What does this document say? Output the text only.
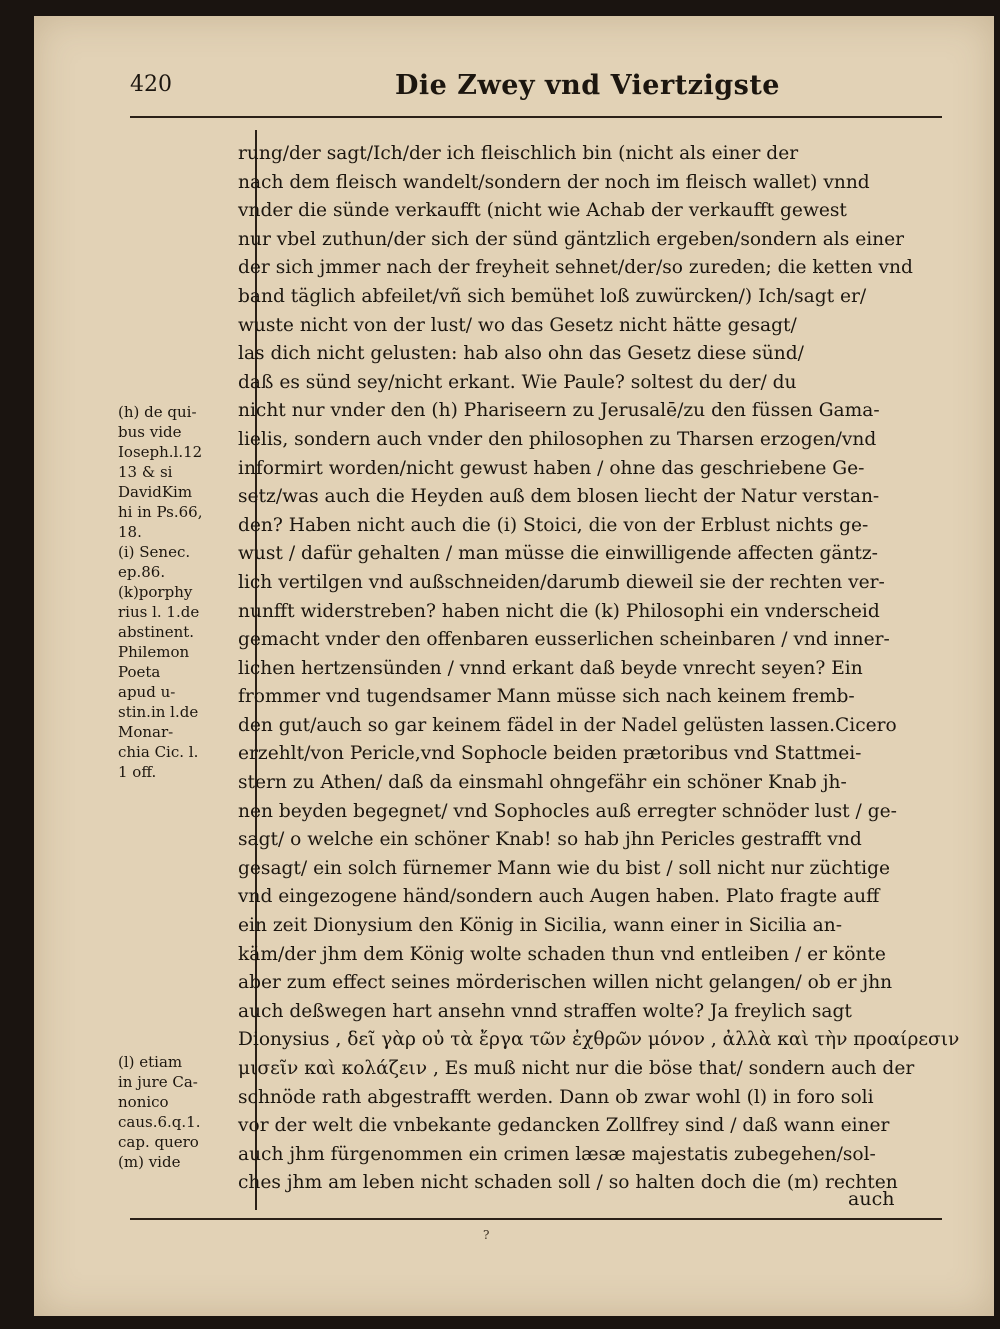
420	Die Zwey vnd Viertzigste
(h) de qui-
bus vide
Ioseph.l.12
13 & si
DavidKim
hi in Ps.66,
18.
(i) Senec.
ep.86.
(k)porphy
rius l. 1.de
abstinent.
Philemon
Poeta
apud u-
stin.in l.de
Monar-
chia Cic. l.
1 off.
(l) etiam
in jure Ca-
nonico
caus.6.q.1.
cap. quero
(m) vide
rung/der sagt/Ich/der ich fleischlich bin (nicht als einer der
nach dem fleisch wandelt/sondern der noch im fleisch wallet) vnnd
vnder die sünde verkaufft (nicht wie Achab der verkaufft gewest
nur vbel zuthun/der sich der sünd gäntzlich ergeben/sondern als einer
der sich jmmer nach der freyheit sehnet/der/so zureden; die ketten vnd
band täglich abfeilet/vñ sich bemühet loß zuwürcken/) Ich/sagt er/
wuste nicht von der lust/ wo das Gesetz nicht hätte gesagt/
las dich nicht gelusten: hab also ohn das Gesetz diese sünd/
daß es sünd sey/nicht erkant. Wie Paule? soltest du der/ du
nicht nur vnder den (h) Phariseern zu Jerusalē/zu den füssen Gama-
lielis, sondern auch vnder den philosophen zu Tharsen erzogen/vnd
informirt worden/nicht gewust haben / ohne das geschriebene Ge-
setz/was auch die Heyden auß dem blosen liecht der Natur verstan-
den? Haben nicht auch die (i) Stoici, die von der Erblust nichts ge-
wust / dafür gehalten / man müsse die einwilligende affecten gäntz-
lich vertilgen vnd außschneiden/darumb dieweil sie der rechten ver-
nunfft widerstreben? haben nicht die (k) Philosophi ein vnderscheid
gemacht vnder den offenbaren eusserlichen scheinbaren / vnd inner-
lichen hertzensünden / vnnd erkant daß beyde vnrecht seyen? Ein
frommer vnd tugendsamer Mann müsse sich nach keinem fremb-
den gut/auch so gar keinem fädel in der Nadel gelüsten lassen.Cicero
erzehlt/von Pericle,vnd Sophocle beiden prætoribus vnd Stattmei-
stern zu Athen/ daß da einsmahl ohngefähr ein schöner Knab jh-
nen beyden begegnet/ vnd Sophocles auß erregter schnöder lust / ge-
sagt/ o welche ein schöner Knab! so hab jhn Pericles gestrafft vnd
gesagt/ ein solch fürnemer Mann wie du bist / soll nicht nur züchtige
vnd eingezogene händ/sondern auch Augen haben. Plato fragte auff
ein zeit Dionysium den König in Sicilia, wann einer in Sicilia an-
käm/der jhm dem König wolte schaden thun vnd entleiben / er könte
aber zum effect seines mörderischen willen nicht gelangen/ ob er jhn
auch deßwegen hart ansehn vnnd straffen wolte? Ja freylich sagt
Dionysius , δεῖ γὰρ οὐ τὰ ἔργα τῶν ἐχθρῶν μόνον , ἀλλὰ καὶ τὴν προαίρεσιν
μισεῖν καὶ κολάζειν , Es muß nicht nur die böse that/ sondern auch der
schnöde rath abgestrafft werden. Dann ob zwar wohl (l) in foro soli
vor der welt die vnbekante gedancken Zollfrey sind / daß wann einer
auch jhm fürgenommen ein crimen læsæ majestatis zubegehen/sol-
ches jhm am leben nicht schaden soll / so halten doch die (m) rechten
auch
?
